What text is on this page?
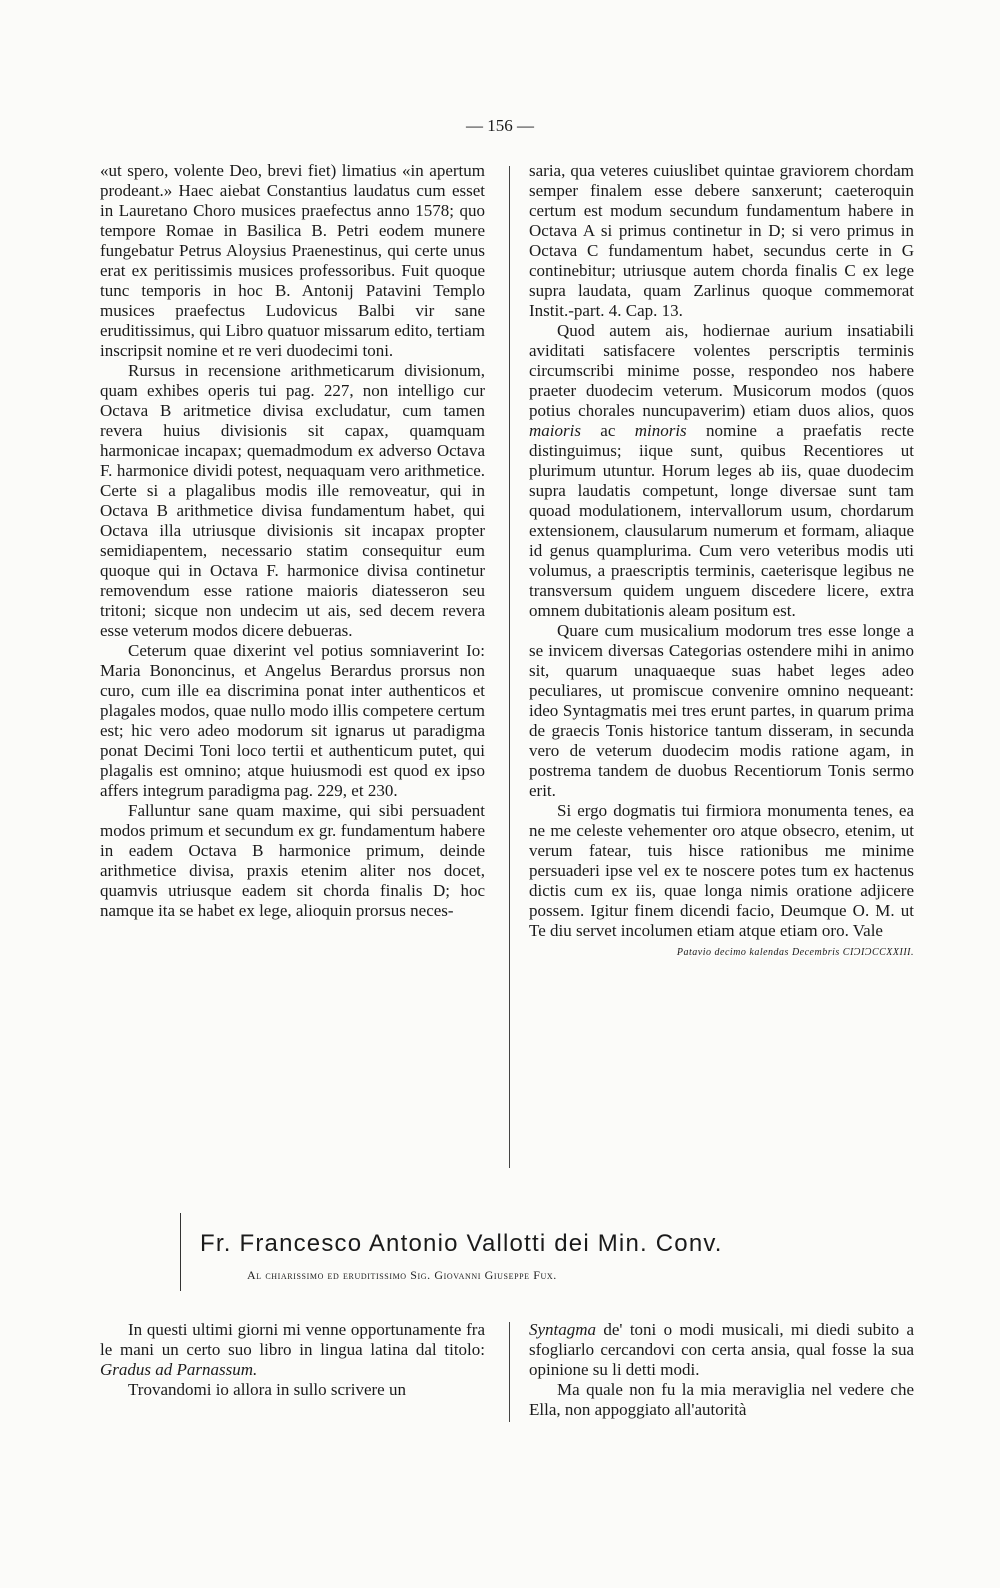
— 156 —

«ut spero, volente Deo, brevi fiet) limatius «in apertum prodeant.» Haec aiebat Constantius laudatus cum esset in Lauretano Choro musices praefectus anno 1578; quo tempore Romae in Basilica B. Petri eodem munere fungebatur Petrus Aloysius Praenestinus, qui certe unus erat ex peritissimis musices professoribus. Fuit quoque tunc temporis in hoc B. Antonij Patavini Templo musices praefectus Ludovicus Balbi vir sane eruditissimus, qui Libro quatuor missarum edito, tertiam inscripsit nomine et re veri duodecimi toni.

Rursus in recensione arithmeticarum divisionum, quam exhibes operis tui pag. 227, non intelligo cur Octava B aritmetice divisa excludatur, cum tamen revera huius divisionis sit capax, quamquam harmonicae incapax; quemadmodum ex adverso Octava F. harmonice dividi potest, nequaquam vero arithmetice. Certe si a plagalibus modis ille removeatur, qui in Octava B arithmetice divisa fundamentum habet, qui Octava illa utriusque divisionis sit incapax propter semidiapentem, necessario statim consequitur eum quoque qui in Octava F. harmonice divisa continetur removendum esse ratione maioris diatesseron seu tritoni; sicque non undecim ut ais, sed decem revera esse veterum modos dicere debueras.

Ceterum quae dixerint vel potius somniaverint Io: Maria Bononcinus, et Angelus Berardus prorsus non curo, cum ille ea discrimina ponat inter authenticos et plagales modos, quae nullo modo illis competere certum est; hic vero adeo modorum sit ignarus ut paradigma ponat Decimi Toni loco tertii et authenticum putet, qui plagalis est omnino; atque huiusmodi est quod ex ipso affers integrum paradigma pag. 229, et 230.

Falluntur sane quam maxime, qui sibi persuadent modos primum et secundum ex gr. fundamentum habere in eadem Octava B harmonice primum, deinde arithmetice divisa, praxis etenim aliter nos docet, quamvis utriusque eadem sit chorda finalis D; hoc namque ita se habet ex lege, alioquin prorsus neces-

saria, qua veteres cuiuslibet quintae graviorem chordam semper finalem esse debere sanxerunt; caeteroquin certum est modum secundum fundamentum habere in Octava A si primus continetur in D; si vero primus in Octava C fundamentum habet, secundus certe in G continebitur; utriusque autem chorda finalis C ex lege supra laudata, quam Zarlinus quoque commemorat Instit.-part. 4. Cap. 13.

Quod autem ais, hodiernae aurium insatiabili aviditati satisfacere volentes perscriptis terminis circumscribi minime posse, respondeo nos habere praeter duodecim veterum. Musicorum modos (quos potius chorales nuncupaverim) etiam duos alios, quos maioris ac minoris nomine a praefatis recte distinguimus; iique sunt, quibus Recentiores ut plurimum utuntur. Horum leges ab iis, quae duodecim supra laudatis competunt, longe diversae sunt tam quoad modulationem, intervallorum usum, chordarum extensionem, clausularum numerum et formam, aliaque id genus quamplurima. Cum vero veteribus modis uti volumus, a praescriptis terminis, caeterisque legibus ne transversum quidem unguem discedere licere, extra omnem dubitationis aleam positum est.

Quare cum musicalium modorum tres esse longe a se invicem diversas Categorias ostendere mihi in animo sit, quarum unaquaeque suas habet leges adeo peculiares, ut promiscue convenire omnino nequeant: ideo Syntagmatis mei tres erunt partes, in quarum prima de graecis Tonis historice tantum disseram, in secunda vero de veterum duodecim modis ratione agam, in postrema tandem de duobus Recentiorum Tonis sermo erit.

Si ergo dogmatis tui firmiora monumenta tenes, ea ne me celeste vehementer oro atque obsecro, etenim, ut verum fatear, tuis hisce rationibus me minime persuaderi ipse vel ex te noscere potes tum ex hactenus dictis cum ex iis, quae longa nimis oratione adjicere possem. Igitur finem dicendi facio, Deumque O. M. ut Te diu servet incolumen etiam atque etiam oro. Vale

Patavio decimo kalendas Decembris CIƆIƆCCXXIII.

Fr. Francesco Antonio Vallotti dei Min. Conv.
Al chiarissimo ed eruditissimo Sig. Giovanni Giuseppe Fux.

In questi ultimi giorni mi venne opportunamente fra le mani un certo suo libro in lingua latina dal titolo: Gradus ad Parnassum.

Trovandomi io allora in sullo scrivere un

Syntagma de' toni o modi musicali, mi diedi subito a sfogliarlo cercandovi con certa ansia, qual fosse la sua opinione su li detti modi.

Ma quale non fu la mia meraviglia nel vedere che Ella, non appoggiato all'autorità
